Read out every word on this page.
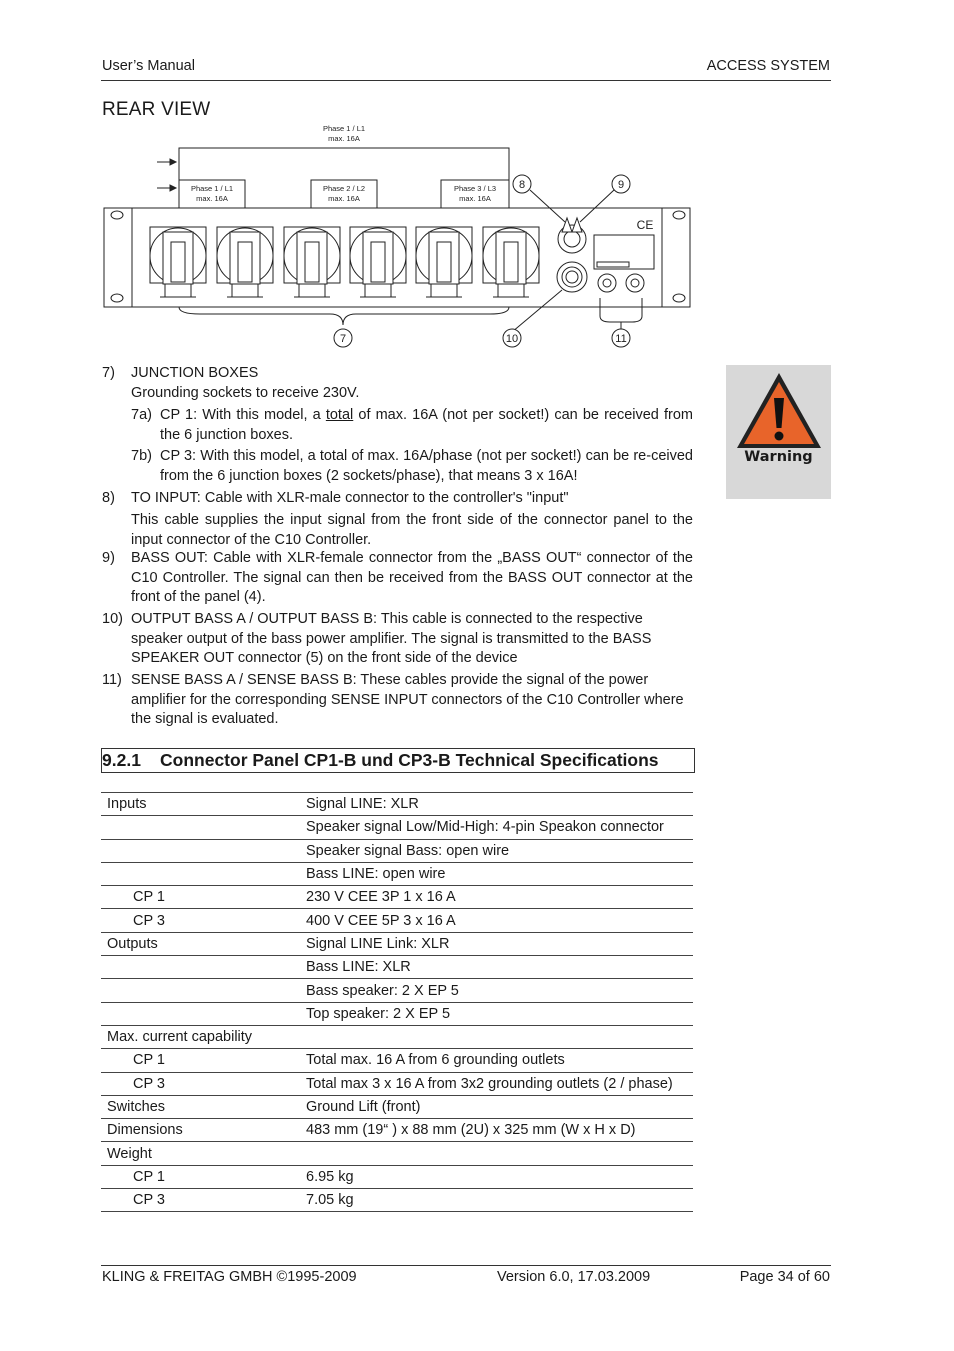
User’s Manual	ACCESS SYSTEM
REAR VIEW
Phase 1 / L1
max. 16A
Phase 1 / L1
max. 16A
Phase 2 / L2
max. 16A
Phase 3 / L3
max. 16A
CE
8	9
7	10	11
7) JUNCTION BOXES
Grounding sockets to receive 230V.
7a) CP 1: With this model, a total of max. 16A (not per socket!) can be received from the 6 junction boxes.
7b) CP 3: With this model, a total of max. 16A/phase (not per socket!) can be re-ceived from the 6 junction boxes (2 sockets/phase), that means 3 x 16A!
8) TO INPUT: Cable with XLR-male connector to the controller's "input"
This cable supplies the input signal from the front side of the connector panel to the input connector of the C10 Controller.
9) BASS OUT: Cable with XLR-female connector from the „BASS OUT“ connector of the C10 Controller. The signal can then be received from the BASS OUT connector at the front of the panel (4).
10) OUTPUT BASS A / OUTPUT BASS B: This cable is connected to the respective speaker output of the bass power amplifier. The signal is transmitted to the BASS SPEAKER OUT connector (5) on the front side of the device
11) SENSE BASS A / SENSE BASS B: These cables provide the signal of the power amplifier for the corresponding SENSE INPUT connectors of the C10 Controller where the signal is evaluated.
Warning
9.2.1 Connector Panel CP1-B und CP3-B Technical Specifications
Inputs	Signal LINE: XLR
	Speaker signal Low/Mid-High: 4-pin Speakon connector
	Speaker signal Bass: open wire
	Bass LINE: open wire
CP 1	230 V CEE 3P 1 x 16 A
CP 3	400 V CEE 5P 3 x 16 A
Outputs	Signal LINE Link: XLR
	Bass LINE: XLR
	Bass speaker: 2 X EP 5
	Top speaker: 2 X EP 5
Max. current capability	
CP 1	Total max. 16 A from 6 grounding outlets
CP 3	Total max 3 x 16 A from 3x2 grounding outlets (2 / phase)
Switches	Ground Lift (front)
Dimensions	483 mm (19“ ) x 88 mm (2U) x 325 mm (W x H x D)
Weight	
CP 1	6.95 kg
CP 3	7.05 kg
KLING & FREITAG GMBH ©1995-2009	Version 6.0, 17.03.2009	Page 34 of 60
